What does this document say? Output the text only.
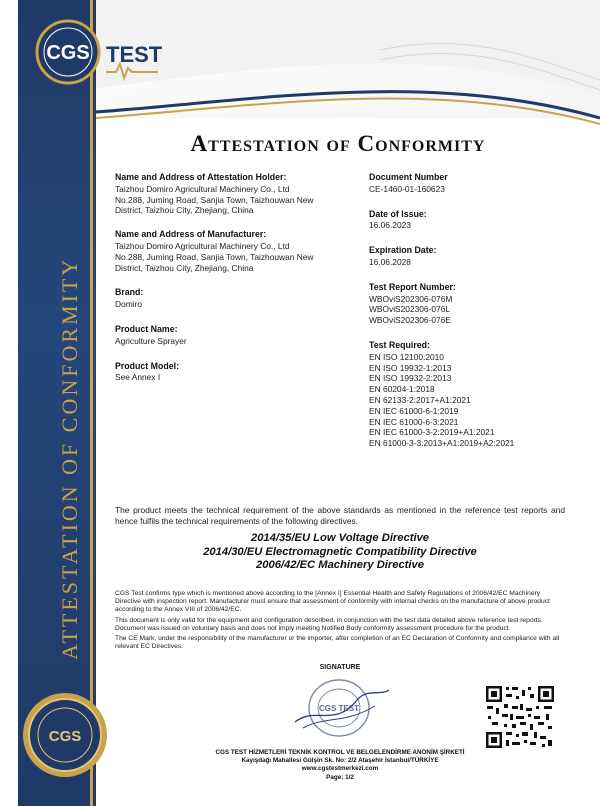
ATTESTATION OF CONFORMITY
CGS TEST
Attestation of Conformity
Name and Address of Attestation Holder:
Taizhou Domiro Agricultural Machinery Co., Ltd
No.288, Juming Road, Sanjia Town, Taizhouwan New
District, Taizhou City, Zhejiang, China
Name and Address of Manufacturer:
Taizhou Domiro Agricultural Machinery Co., Ltd
No.288, Juming Road, Sanjia Town, Taizhouwan New
District, Taizhou City, Zhejiang, China
Brand:
Domiro
Product Name:
Agriculture Sprayer
Product Model:
See Annex I
Document Number
CE-1460-01-160623
Date of Issue:
16.06.2023
Expiration Date:
16.06.2028
Test Report Number:
WBOviS202306-076M
WBOviS202306-076L
WBOviS202306-076E
Test Required:
EN ISO 12100:2010
EN ISO 19932-1:2013
EN ISO 19932-2:2013
EN 60204-1:2018
EN 62133-2:2017+A1:2021
EN IEC 61000-6-1:2019
EN IEC 61000-6-3:2021
EN IEC 61000-3-2:2019+A1:2021
EN 61000-3-3:2013+A1:2019+A2:2021
The product meets the technical requirement of the above standards as mentioned in the reference test reports and hence fulfils the technical requirements of the following directives.
2014/35/EU Low Voltage Directive
2014/30/EU Electromagnetic Compatibility Directive
2006/42/EC Machinery Directive

CGS Test confirms type which is mentioned above according to the [Annex I] Essential Health and Safety Regulations of 2006/42/EC Machinery Directive with inspection report. Manufacturer must ensure that assessment of conformity with internal checks on the manufacture of above product according to the Annex VIII of 2006/42/EC.

This document is only valid for the equipment and configuration described, in conjunction with the test data detailed above reference test reports. Document was issued on voluntary basis and does not imply meeting Notified Body conformity assessment procedure for the product.

The CE Mark, under the responsibility of the manufacturer or the importer, after completion of an EC Declaration of Conformity and compliance with all relevant EC Directives.

SIGNATURE
CGS TEST
CGS
CGS TEST HİZMETLERİ TEKNİK KONTROL VE BELGELENDİRME ANONİM ŞİRKETİ
Kayışdağı Mahallesi Gülşin Sk. No: 2/2 Ataşehir İstanbul/TÜRKİYE
www.cgstestmerkezi.com
Page: 1/2
